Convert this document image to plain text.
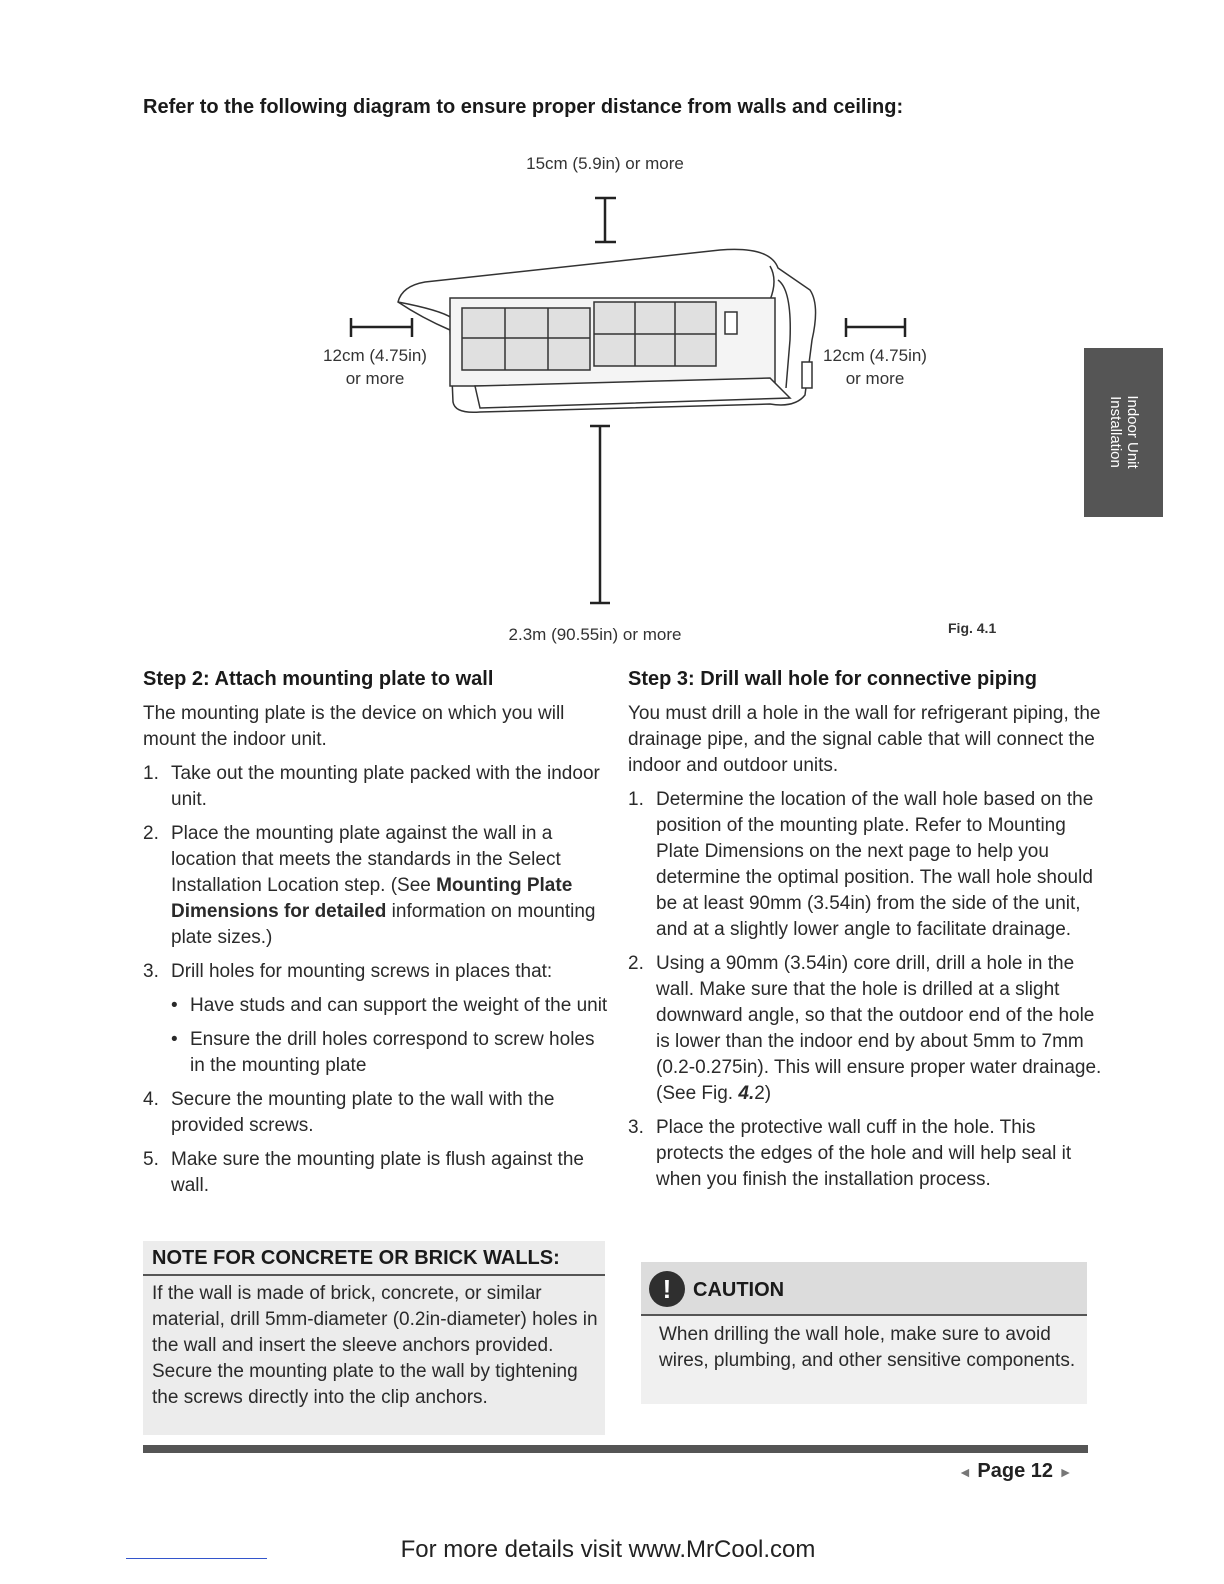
Refer to the following diagram to ensure proper distance from walls and ceiling:
15cm (5.9in) or more
12cm (4.75in)
or more
12cm (4.75in)
or more
2.3m (90.55in) or more	Fig. 4.1
Indoor Unit
Installation
Step 2: Attach mounting plate to wall
The mounting plate is the device on which you will mount the indoor unit.
1. Take out the mounting plate packed with the indoor unit.
2. Place the mounting plate against the wall in a location that meets the standards in the Select Installation Location step. (See Mounting Plate Dimensions for detailed information on mounting plate sizes.)
3. Drill holes for mounting screws in places that:
• Have studs and can support the weight of the unit
• Ensure the drill holes correspond to screw holes in the mounting plate
4. Secure the mounting plate to the wall with the provided screws.
5. Make sure the mounting plate is flush against the wall.
NOTE FOR CONCRETE OR BRICK WALLS:
If the wall is made of brick, concrete, or similar material, drill 5mm-diameter (0.2in-diameter) holes in the wall and insert the sleeve anchors provided. Secure the mounting plate to the wall by tightening the screws directly into the clip anchors.
Step 3: Drill wall hole for connective piping
You must drill a hole in the wall for refrigerant piping, the drainage pipe, and the signal cable that will connect the indoor and outdoor units.
1. Determine the location of the wall hole based on the position of the mounting plate. Refer to Mounting Plate Dimensions on the next page to help you determine the optimal position. The wall hole should be at least 90mm (3.54in) from the side of the unit, and at a slightly lower angle to facilitate drainage.
2. Using a 90mm (3.54in) core drill, drill a hole in the wall. Make sure that the hole is drilled at a slight downward angle, so that the outdoor end of the hole is lower than the indoor end by about 5mm to 7mm (0.2-0.275in). This will ensure proper water drainage. (See Fig. 4.2)
3. Place the protective wall cuff in the hole. This protects the edges of the hole and will help seal it when you finish the installation process.
!	CAUTION
When drilling the wall hole, make sure to avoid wires, plumbing, and other sensitive components.
◄ Page 12 ►
For more details visit www.MrCool.com
